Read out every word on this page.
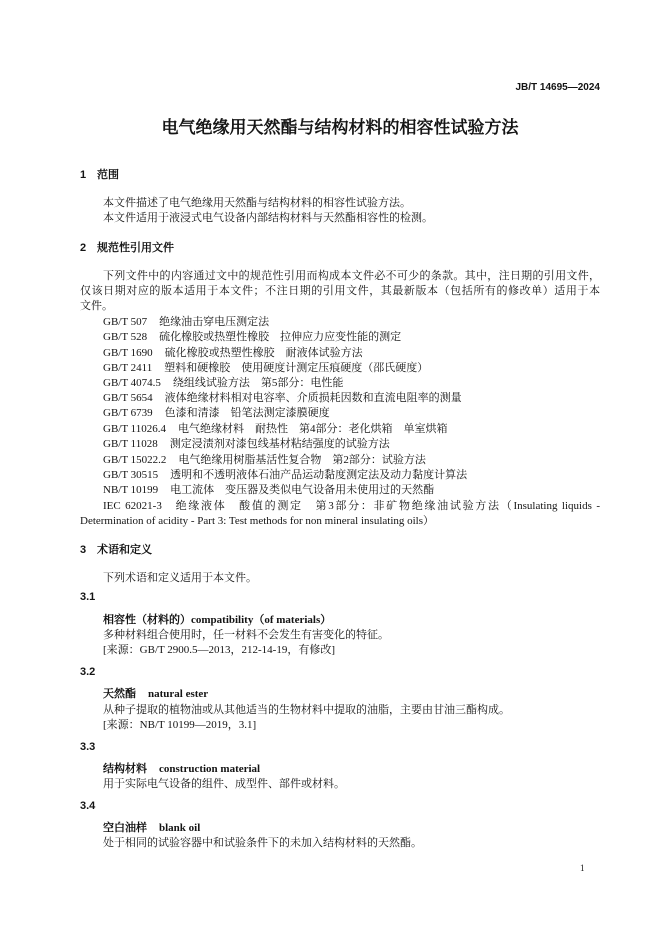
JB/T 14695—2024
电气绝缘用天然酯与结构材料的相容性试验方法
1 范围
本文件描述了电气绝缘用天然酯与结构材料的相容性试验方法。
本文件适用于液浸式电气设备内部结构材料与天然酯相容性的检测。
2 规范性引用文件
下列文件中的内容通过文中的规范性引用而构成本文件必不可少的条款。其中，注日期的引用文件，
仅该日期对应的版本适用于本文件；不注日期的引用文件，其最新版本（包括所有的修改单）适用于本
文件。
GB/T 507 绝缘油击穿电压测定法
GB/T 528 硫化橡胶或热塑性橡胶　拉伸应力应变性能的测定
GB/T 1690 硫化橡胶或热塑性橡胶　耐液体试验方法
GB/T 2411 塑料和硬橡胶　使用硬度计测定压痕硬度（邵氏硬度）
GB/T 4074.5 绕组线试验方法　第5部分：电性能
GB/T 5654 液体绝缘材料相对电容率、介质损耗因数和直流电阻率的测量
GB/T 6739 色漆和清漆　铅笔法测定漆膜硬度
GB/T 11026.4 电气绝缘材料　耐热性　第4部分：老化烘箱　单室烘箱
GB/T 11028 测定浸渍剂对漆包线基材粘结强度的试验方法
GB/T 15022.2 电气绝缘用树脂基活性复合物　第2部分：试验方法
GB/T 30515 透明和不透明液体石油产品运动黏度测定法及动力黏度计算法
NB/T 10199 电工流体　变压器及类似电气设备用未使用过的天然酯
IEC 62021-3 绝缘液体　酸值的测定　第3部分：非矿物绝缘油试验方法（Insulating liquids -
Determination of acidity - Part 3: Test methods for non mineral insulating oils）
3 术语和定义
下列术语和定义适用于本文件。
3.1
相容性（材料的）compatibility（of materials）
多种材料组合使用时，任一材料不会发生有害变化的特征。
[来源：GB/T 2900.5—2013，212-14-19，有修改]
3.2
天然酯 natural ester
从种子提取的植物油或从其他适当的生物材料中提取的油脂，主要由甘油三酯构成。
[来源：NB/T 10199—2019，3.1]
3.3
结构材料 construction material
用于实际电气设备的组件、成型件、部件或材料。
3.4
空白油样 blank oil
处于相同的试验容器中和试验条件下的未加入结构材料的天然酯。
1
